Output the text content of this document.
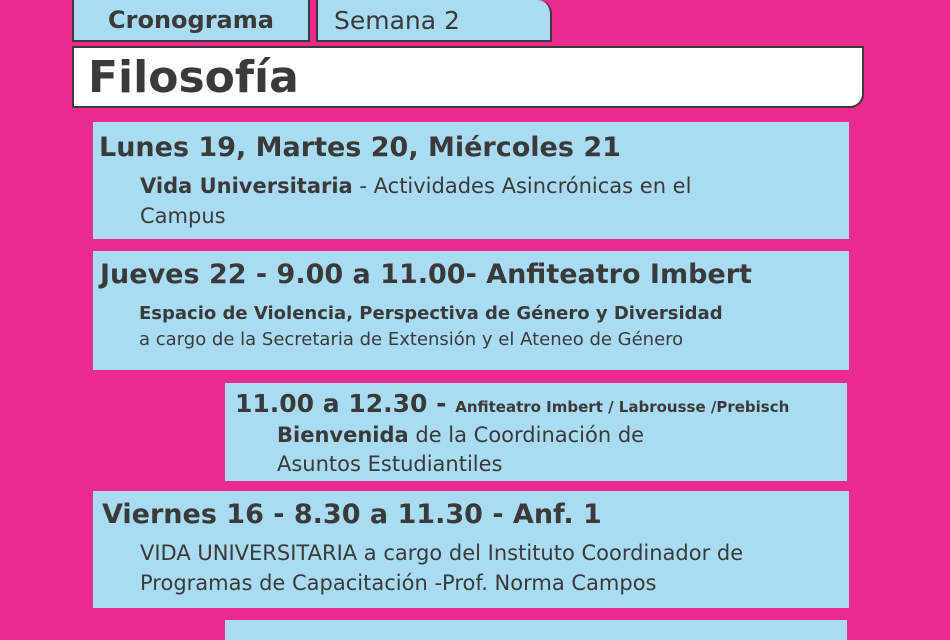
Cronograma	Semana 2
Filosofía
Lunes 19, Martes 20, Miércoles 21
Vida Universitaria - Actividades Asincrónicas en el
Campus
Jueves 22 - 9.00 a 11.00- Anfiteatro Imbert
Espacio de Violencia, Perspectiva de Género y Diversidad
a cargo de la Secretaria de Extensión y el Ateneo de Género
11.00 a 12.30 - Anfiteatro Imbert / Labrousse /Prebisch
Bienvenida de la Coordinación de
Asuntos Estudiantiles
Viernes 16 - 8.30 a 11.30 - Anf. 1
VIDA UNIVERSITARIA a cargo del Instituto Coordinador de
Programas de Capacitación -Prof. Norma Campos
